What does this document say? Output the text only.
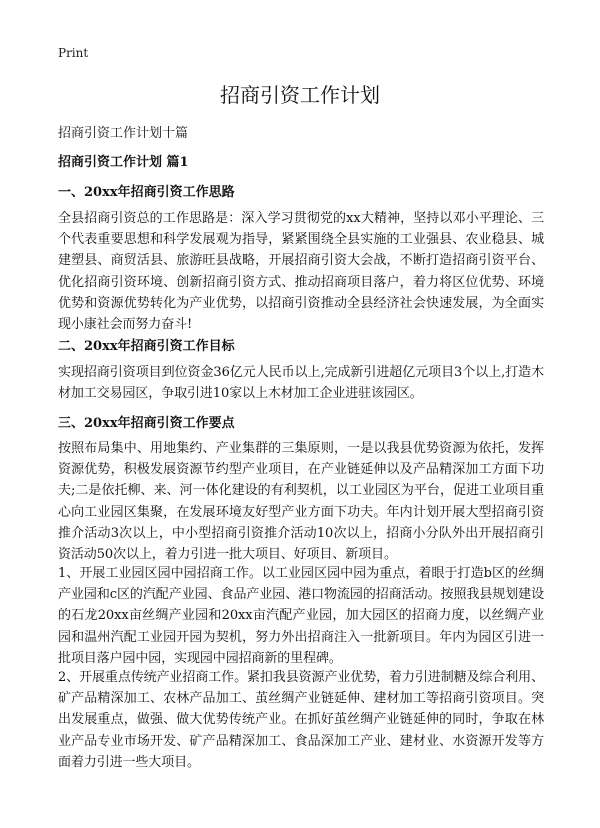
Print
招商引资工作计划
招商引资工作计划十篇
招商引资工作计划 篇1
一、20xx年招商引资工作思路
全县招商引资总的工作思路是：深入学习贯彻党的xx大精神，坚持以邓小平理论、三个代表重要思想和科学发展观为指导，紧紧围绕全县实施的工业强县、农业稳县、城建塑县、商贸活县、旅游旺县战略，开展招商引资大会战，不断打造招商引资平台、优化招商引资环境、创新招商引资方式、推动招商项目落户，着力将区位优势、环境优势和资源优势转化为产业优势，以招商引资推动全县经济社会快速发展，为全面实现小康社会而努力奋斗!
二、20xx年招商引资工作目标
实现招商引资项目到位资金36亿元人民币以上,完成新引进超亿元项目3个以上,打造木材加工交易园区，争取引进10家以上木材加工企业进驻该园区。
三、20xx年招商引资工作要点
按照布局集中、用地集约、产业集群的三集原则，一是以我县优势资源为依托，发挥资源优势，积极发展资源节约型产业项目，在产业链延伸以及产品精深加工方面下功夫;二是依托柳、来、河一体化建设的有利契机，以工业园区为平台，促进工业项目重心向工业园区集聚，在发展环境友好型产业方面下功夫。年内计划开展大型招商引资推介活动3次以上，中小型招商引资推介活动10次以上，招商小分队外出开展招商引资活动50次以上，着力引进一批大项目、好项目、新项目。
1、开展工业园区园中园招商工作。以工业园区园中园为重点，着眼于打造b区的丝绸产业园和c区的汽配产业园、食品产业园、港口物流园的招商活动。按照我县规划建设的石龙20xx亩丝绸产业园和20xx亩汽配产业园，加大园区的招商力度，以丝绸产业园和温州汽配工业园开园为契机，努力外出招商注入一批新项目。年内为园区引进一批项目落户园中园，实现园中园招商新的里程碑。
2、开展重点传统产业招商工作。紧扣我县资源产业优势，着力引进制糖及综合利用、矿产品精深加工、农林产品加工、茧丝绸产业链延伸、建材加工等招商引资项目。突出发展重点，做强、做大优势传统产业。在抓好茧丝绸产业链延伸的同时，争取在林业产品专业市场开发、矿产品精深加工、食品深加工产业、建材业、水资源开发等方面着力引进一些大项目。
